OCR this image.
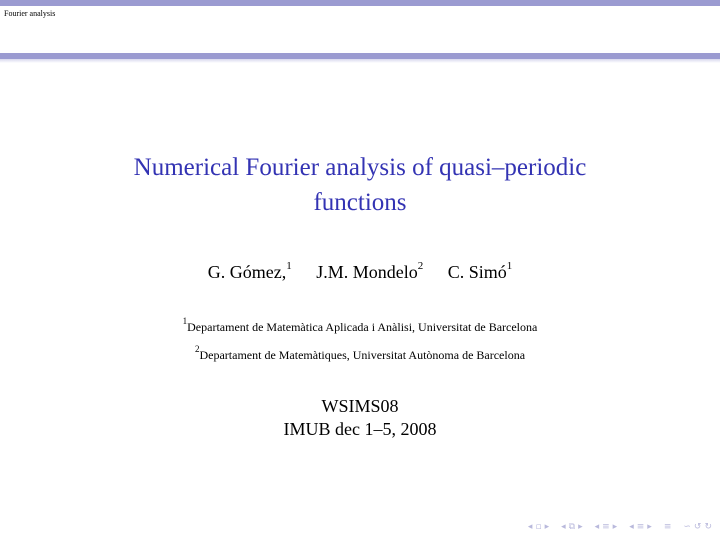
Fourier analysis
Numerical Fourier analysis of quasi–periodic
functions
G. Gómez,$^1$ J.M. Mondelo$^2$ C. Simó$^1$
$^1$Departament de Matemàtica Aplicada i Anàlisi, Universitat de Barcelona
$^2$Departament de Matemàtiques, Universitat Autònoma de Barcelona
WSIMS08
IMUB dec 1–5, 2008
◂ ▫ ▸ ◂ ⧉ ▸ ◂ ≡ ▸ ◂ ≡ ▸ ≡ ∽ ↺ ↻
